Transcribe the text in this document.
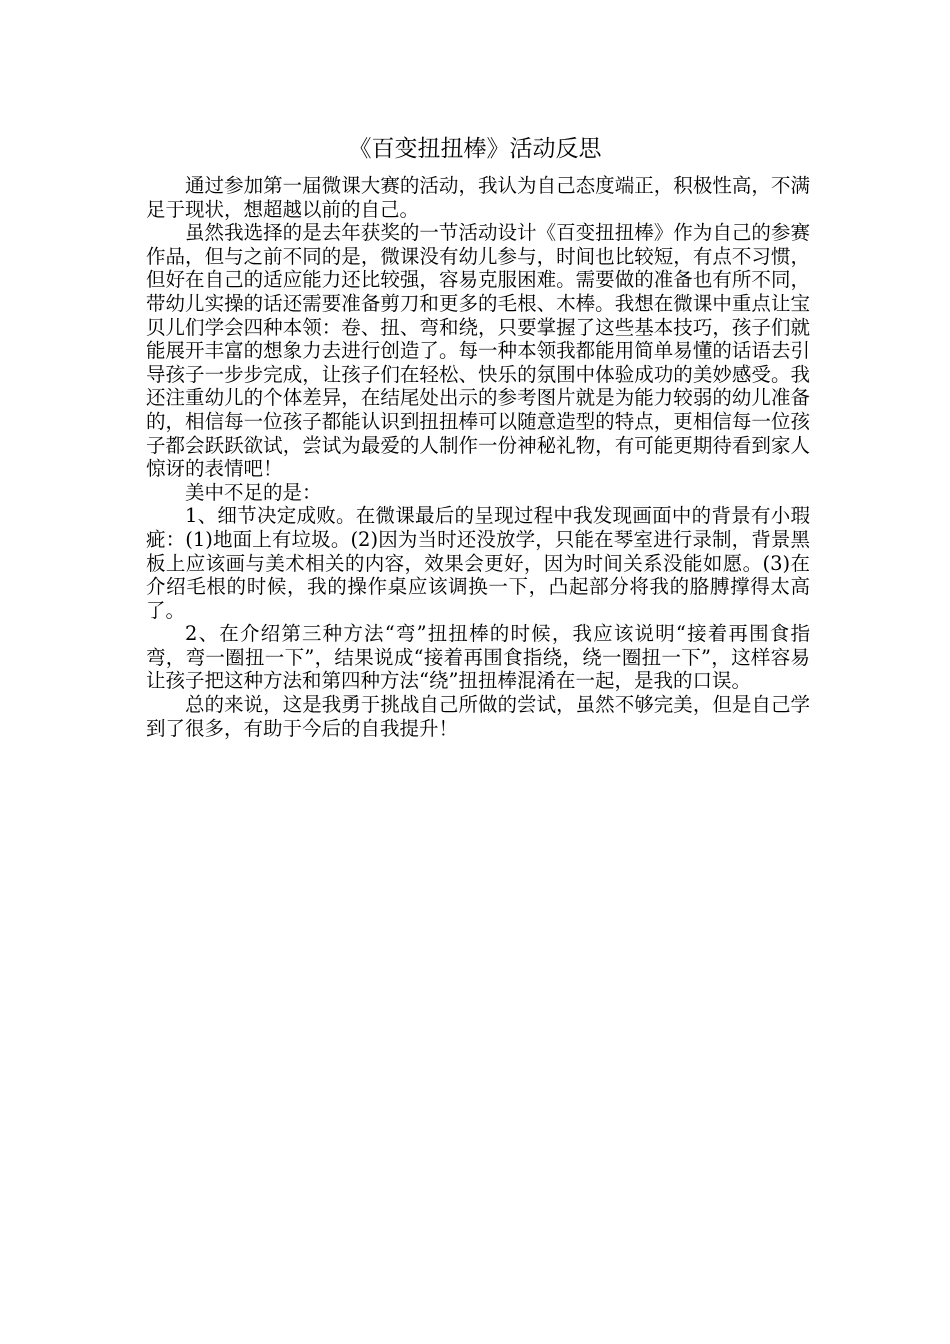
《百变扭扭棒》活动反思

通过参加第一届微课大赛的活动，我认为自己态度端正，积极性高，不满足于现状，想超越以前的自己。

虽然我选择的是去年获奖的一节活动设计《百变扭扭棒》作为自己的参赛作品，但与之前不同的是，微课没有幼儿参与，时间也比较短，有点不习惯，但好在自己的适应能力还比较强，容易克服困难。需要做的准备也有所不同，带幼儿实操的话还需要准备剪刀和更多的毛根、木棒。我想在微课中重点让宝贝儿们学会四种本领：卷、扭、弯和绕，只要掌握了这些基本技巧，孩子们就能展开丰富的想象力去进行创造了。每一种本领我都能用简单易懂的话语去引导孩子一步步完成，让孩子们在轻松、快乐的氛围中体验成功的美妙感受。我还注重幼儿的个体差异，在结尾处出示的参考图片就是为能力较弱的幼儿准备的，相信每一位孩子都能认识到扭扭棒可以随意造型的特点，更相信每一位孩子都会跃跃欲试，尝试为最爱的人制作一份神秘礼物，有可能更期待看到家人惊讶的表情吧！

美中不足的是：

1、细节决定成败。在微课最后的呈现过程中我发现画面中的背景有小瑕疵：(1)地面上有垃圾。(2)因为当时还没放学，只能在琴室进行录制，背景黑板上应该画与美术相关的内容，效果会更好，因为时间关系没能如愿。(3)在介绍毛根的时候，我的操作桌应该调换一下，凸起部分将我的胳膊撑得太高了。

2、在介绍第三种方法“弯”扭扭棒的时候，我应该说明“接着再围食指弯，弯一圈扭一下”，结果说成“接着再围食指绕，绕一圈扭一下”，这样容易让孩子把这种方法和第四种方法“绕”扭扭棒混淆在一起，是我的口误。

总的来说，这是我勇于挑战自己所做的尝试，虽然不够完美，但是自己学到了很多，有助于今后的自我提升！
